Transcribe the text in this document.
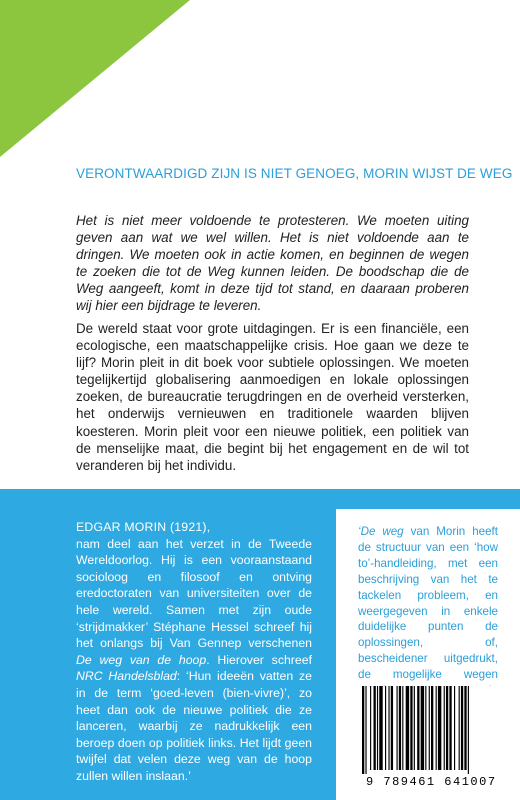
VERONTWAARDIGD ZIJN IS NIET GENOEG, MORIN WIJST DE WEG

Het is niet meer voldoende te protesteren. We moeten uiting geven aan wat we wel willen. Het is niet voldoende aan te dringen. We moeten ook in actie komen, en beginnen de wegen te zoeken die tot de Weg kunnen leiden. De boodschap die de Weg aangeeft, komt in deze tijd tot stand, en daaraan proberen wij hier een bijdrage te leveren.

De wereld staat voor grote uitdagingen. Er is een financiële, een ecologische, een maatschappelijke crisis. Hoe gaan we deze te lijf? Morin pleit in dit boek voor subtiele oplossingen. We moeten tegelijkertijd globalisering aanmoedigen en lokale oplossingen zoeken, de bureaucratie terugdringen en de overheid versterken, het onderwijs vernieuwen en traditionele waarden blijven koesteren. Morin pleit voor een nieuwe politiek, een politiek van de menselijke maat, die begint bij het engagement en de wil tot veranderen bij het individu.

EDGAR MORIN (1921),
nam deel aan het verzet in de Tweede Wereldoorlog. Hij is een vooraanstaand socioloog en filosoof en ontving eredoctoraten van universiteiten over de hele wereld. Samen met zijn oude ‘strijdmakker’ Stéphane Hessel schreef hij het onlangs bij Van Gennep verschenen De weg van de hoop. Hierover schreef NRC Handelsblad: ‘Hun ideeën vatten ze in de term ‘goed-leven (bien-vivre)’, zo heet dan ook de nieuwe politiek die ze lanceren, waarbij ze nadrukkelijk een beroep doen op politiek links. Het lijdt geen twijfel dat velen deze weg van de hoop zullen willen inslaan.’

‘De weg van Morin heeft de structuur van een ‘how to’-handleiding, met een beschrijving van het te tackelen probleem, en weergegeven in enkele duidelijke punten de oplossingen, of, bescheidener uitgedrukt, de mogelijke wegen

9 789461 641007
